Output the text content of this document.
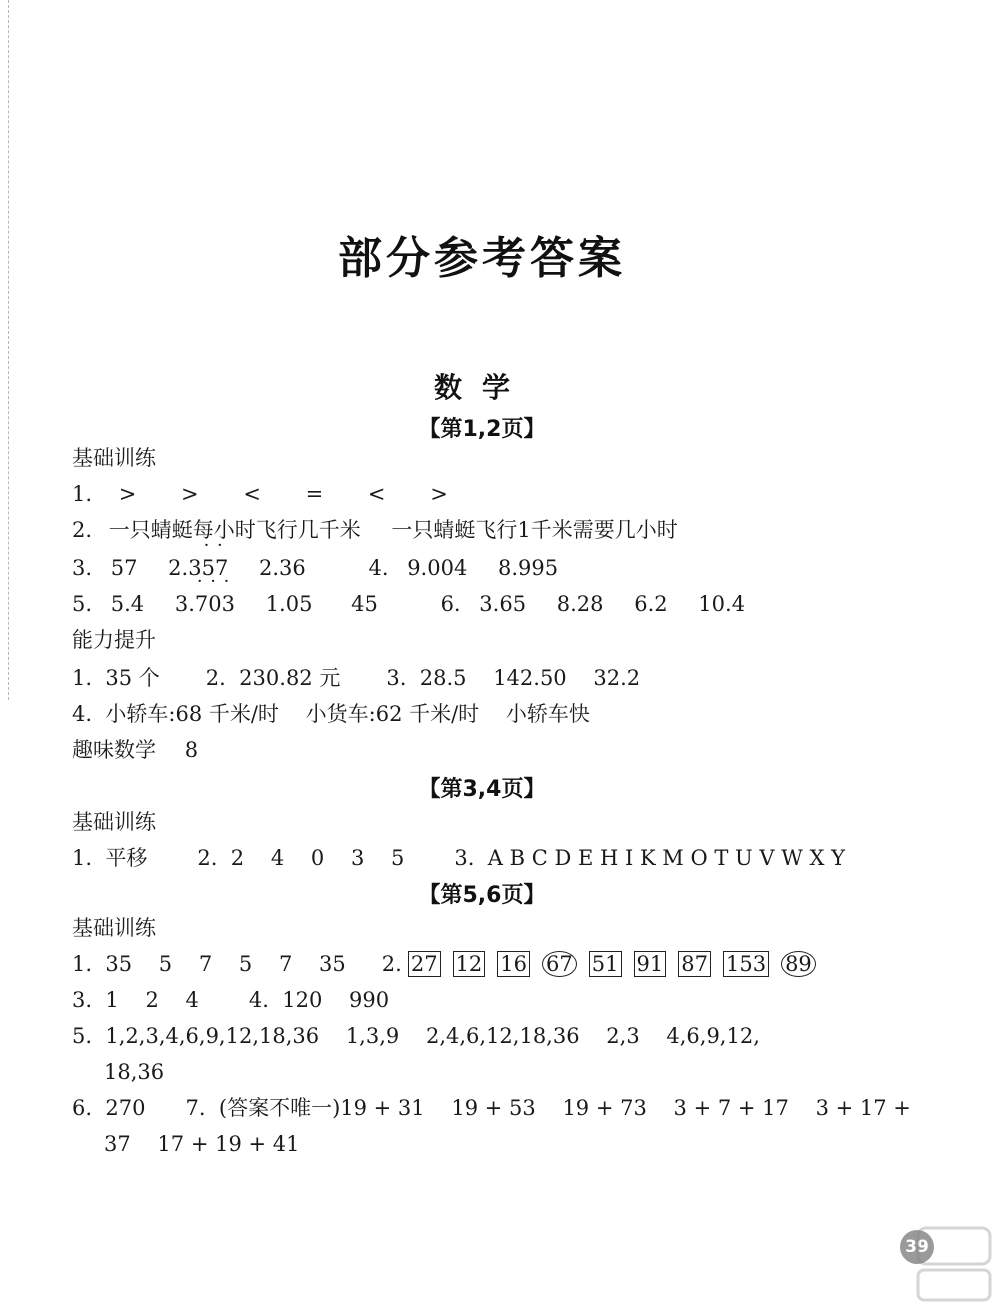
部分参考答案
数学
【第1,2页】
基础训练
1. > > < = < >
2. 一只蜻蜓每小时飞行几千米 一只蜻蜓飞行1千米需要几小时
3. 57 2.3· 5· 7 2.36	4. 9.004 8.995
5. 5.4 3.· 7· 0· 3 1.05 45	6. 3.65 8.28 6.2 10.4
能力提升
1.  35 个 2.  230.82 元 3.  28.5    142.50    32.2
4.  小轿车:68 千米/时    小货车:62 千米/时    小轿车快
趣味数学 8
【第3,4页】
基础训练
1.  平移 2.  2    4    0    3    5 3.  A B C D E H I K M O T U V W X Y
【第5,6页】
基础训练
1.  35    5    7    5    7    35 2. 27 12 16 67 51 91 87 153 89
3.  1    2    4 4.  120    990
5.  1,2,3,4,6,9,12,18,36    1,3,9    2,4,6,12,18,36    2,3    4,6,9,12,
18,36
6.  270 7.  (答案不唯一)19 + 31    19 + 53    19 + 73    3 + 7 + 17    3 + 17 +
37    17 + 19 + 41
39
